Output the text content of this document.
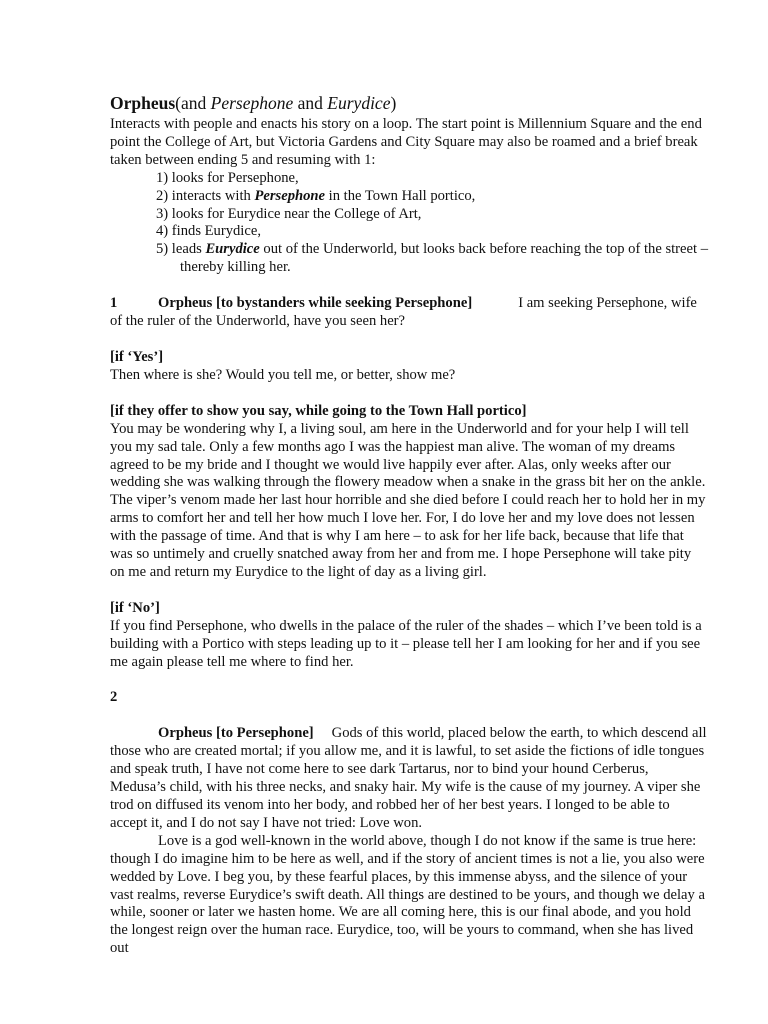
Orpheus(and Persephone and Eurydice)

Interacts with people and enacts his story on a loop. The start point is Millennium Square and the end point the College of Art, but Victoria Gardens and City Square may also be roamed and a brief break taken between ending 5 and resuming with 1:

1) looks for Persephone,
2) interacts with Persephone in the Town Hall portico,
3) looks for Eurydice near the College of Art,
4) finds Eurydice,
5) leads Eurydice out of the Underworld, but looks back before reaching the top of the street – thereby killing her.

1	Orpheus [to bystanders while seeking Persephone]	I am seeking Persephone, wife of the ruler of the Underworld, have you seen her?

[if ‘Yes’]

Then where is she? Would you tell me, or better, show me?

[if they offer to show you say, while going to the Town Hall portico]

You may be wondering why I, a living soul, am here in the Underworld and for your help I will tell you my sad tale. Only a few months ago I was the happiest man alive. The woman of my dreams agreed to be my bride and I thought we would live happily ever after. Alas, only weeks after our wedding she was walking through the flowery meadow when a snake in the grass bit her on the ankle. The viper’s venom made her last hour horrible and she died before I could reach her to hold her in my arms to comfort her and tell her how much I love her. For, I do love her and my love does not lessen with the passage of time. And that is why I am here – to ask for her life back, because that life that was so untimely and cruelly snatched away from her and from me. I hope Persephone will take pity on me and return my Eurydice to the light of day as a living girl.

[if ‘No’]

If you find Persephone, who dwells in the palace of the ruler of the shades – which I’ve been told is a building with a Portico with steps leading up to it – please tell her I am looking for her and if you see me again please tell me where to find her.

2

Orpheus [to Persephone] Gods of this world, placed below the earth, to which descend all those who are created mortal; if you allow me, and it is lawful, to set aside the fictions of idle tongues and speak truth, I have not come here to see dark Tartarus, nor to bind your hound Cerberus, Medusa’s child, with his three necks, and snaky hair. My wife is the cause of my journey. A viper she trod on diffused its venom into her body, and robbed her of her best years. I longed to be able to accept it, and I do not say I have not tried: Love won.

Love is a god well-known in the world above, though I do not know if the same is true here: though I do imagine him to be here as well, and if the story of ancient times is not a lie, you also were wedded by Love. I beg you, by these fearful places, by this immense abyss, and the silence of your vast realms, reverse Eurydice’s swift death. All things are destined to be yours, and though we delay a while, sooner or later we hasten home. We are all coming here, this is our final abode, and you hold the longest reign over the human race. Eurydice, too, will be yours to command, when she has lived out
